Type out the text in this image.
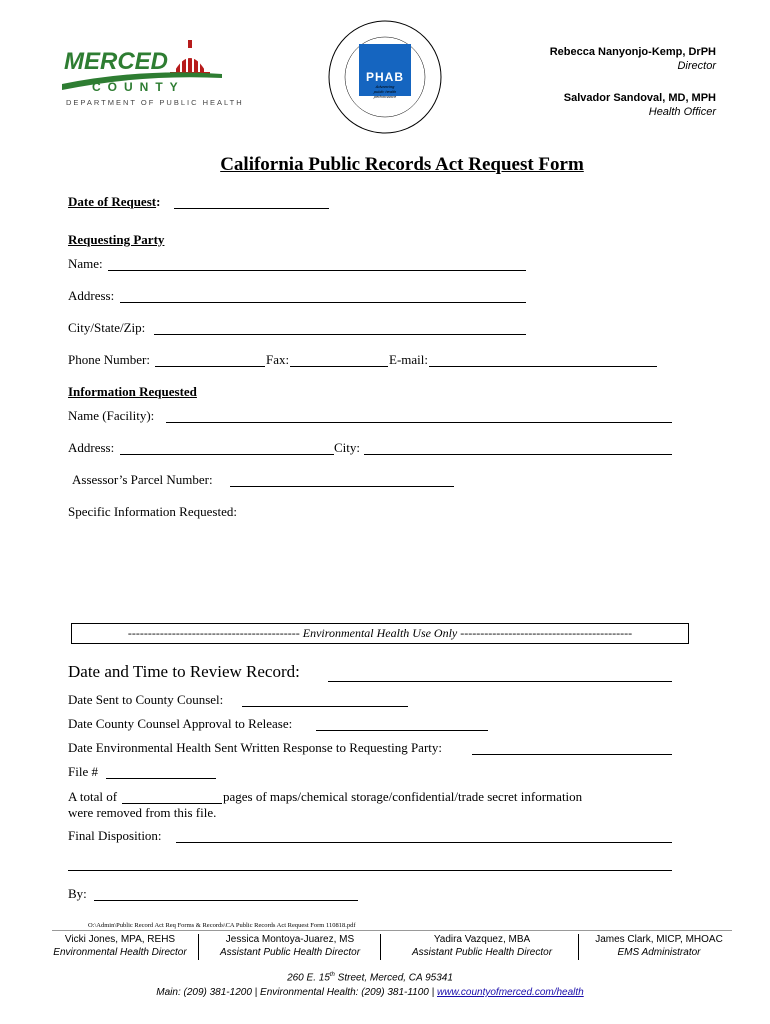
MERCED
COUNTY
DEPARTMENT OF PUBLIC HEALTH
PHAB
Advancing
public health
performance
Rebecca Nanyonjo-Kemp, DrPH
Director
Salvador Sandoval, MD, MPH
Health Officer
California Public Records Act Request Form
Date of Request:
Requesting Party
Name:
Address:
City/State/Zip:
Phone Number:	Fax:	E-mail:
Information Requested
Name (Facility):
Address:	City:
Assessor’s Parcel Number:
Specific Information Requested:
------------------------------------------- Environmental Health Use Only -------------------------------------------
Date and Time to Review Record:
Date Sent to County Counsel:
Date County Counsel Approval to Release:
Date Environmental Health Sent Written Response to Requesting Party:
File #
A total of	pages of maps/chemical storage/confidential/trade secret information
were removed from this file.
Final Disposition:
By:
O:\Admin\Public Record Act Req Forms & Records\CA Public Records Act Request Form 110818.pdf
Vicki Jones, MPA, REHS
Environmental Health Director
Jessica Montoya-Juarez, MS
Assistant Public Health Director
Yadira Vazquez, MBA
Assistant Public Health Director
James Clark, MICP, MHOAC
EMS Administrator
260 E. 15th Street, Merced, CA 95341
Main: (209) 381-1200 | Environmental Health: (209) 381-1100 | www.countyofmerced.com/health
